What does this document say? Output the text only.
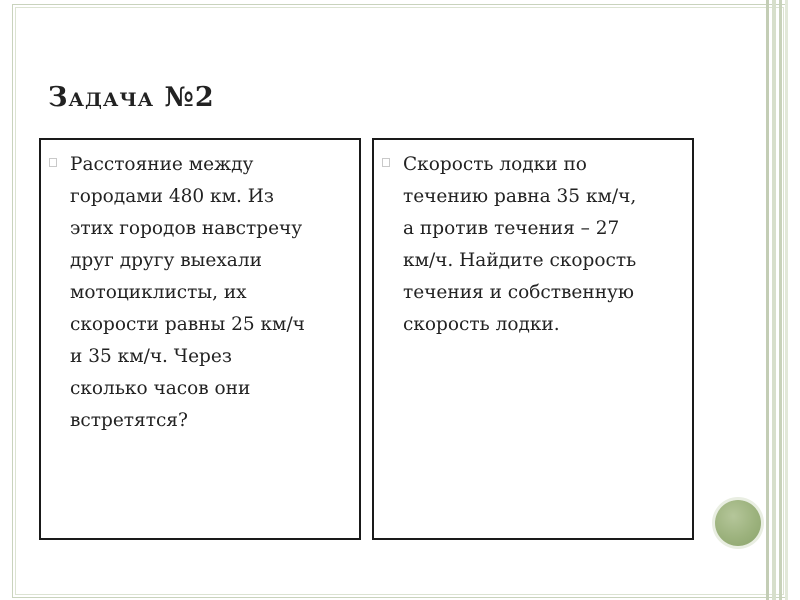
Задача №2
Расстояние между
городами 480 км. Из
этих городов навстречу
друг другу выехали
мотоциклисты, их
скорости равны 25 км/ч
и 35 км/ч. Через
сколько часов они
встретятся?
Скорость лодки по
течению равна 35 км/ч,
а против течения – 27
км/ч. Найдите скорость
течения и собственную
скорость лодки.
